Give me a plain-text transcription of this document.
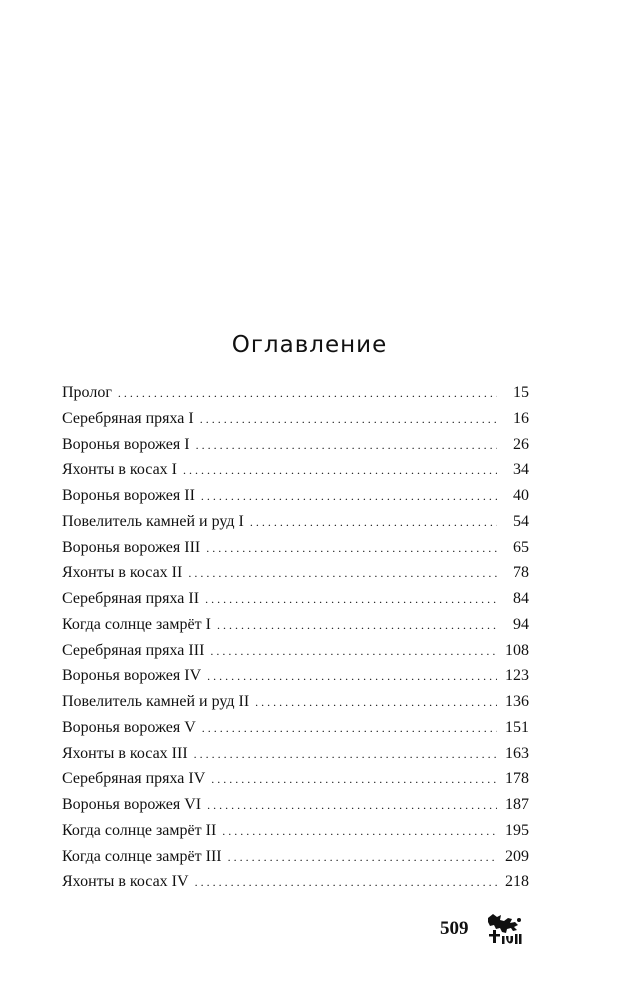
Оглавление
Пролог . . .	15
Серебряная пряха I . . .	16
Воронья ворожея I . . .	26
Яхонты в косах I . . .	34
Воронья ворожея II . . .	40
Повелитель камней и руд I . . .	54
Воронья ворожея III . . .	65
Яхонты в косах II . . .	78
Серебряная пряха II . . .	84
Когда солнце замрёт I . . .	94
Серебряная пряха III . . .	108
Воронья ворожея IV . . .	123
Повелитель камней и руд II . . .	136
Воронья ворожея V . . .	151
Яхонты в косах III . . .	163
Серебряная пряха IV . . .	178
Воронья ворожея VI . . .	187
Когда солнце замрёт II . . .	195
Когда солнце замрёт III . . .	209
Яхонты в косах IV . . .	218
509
